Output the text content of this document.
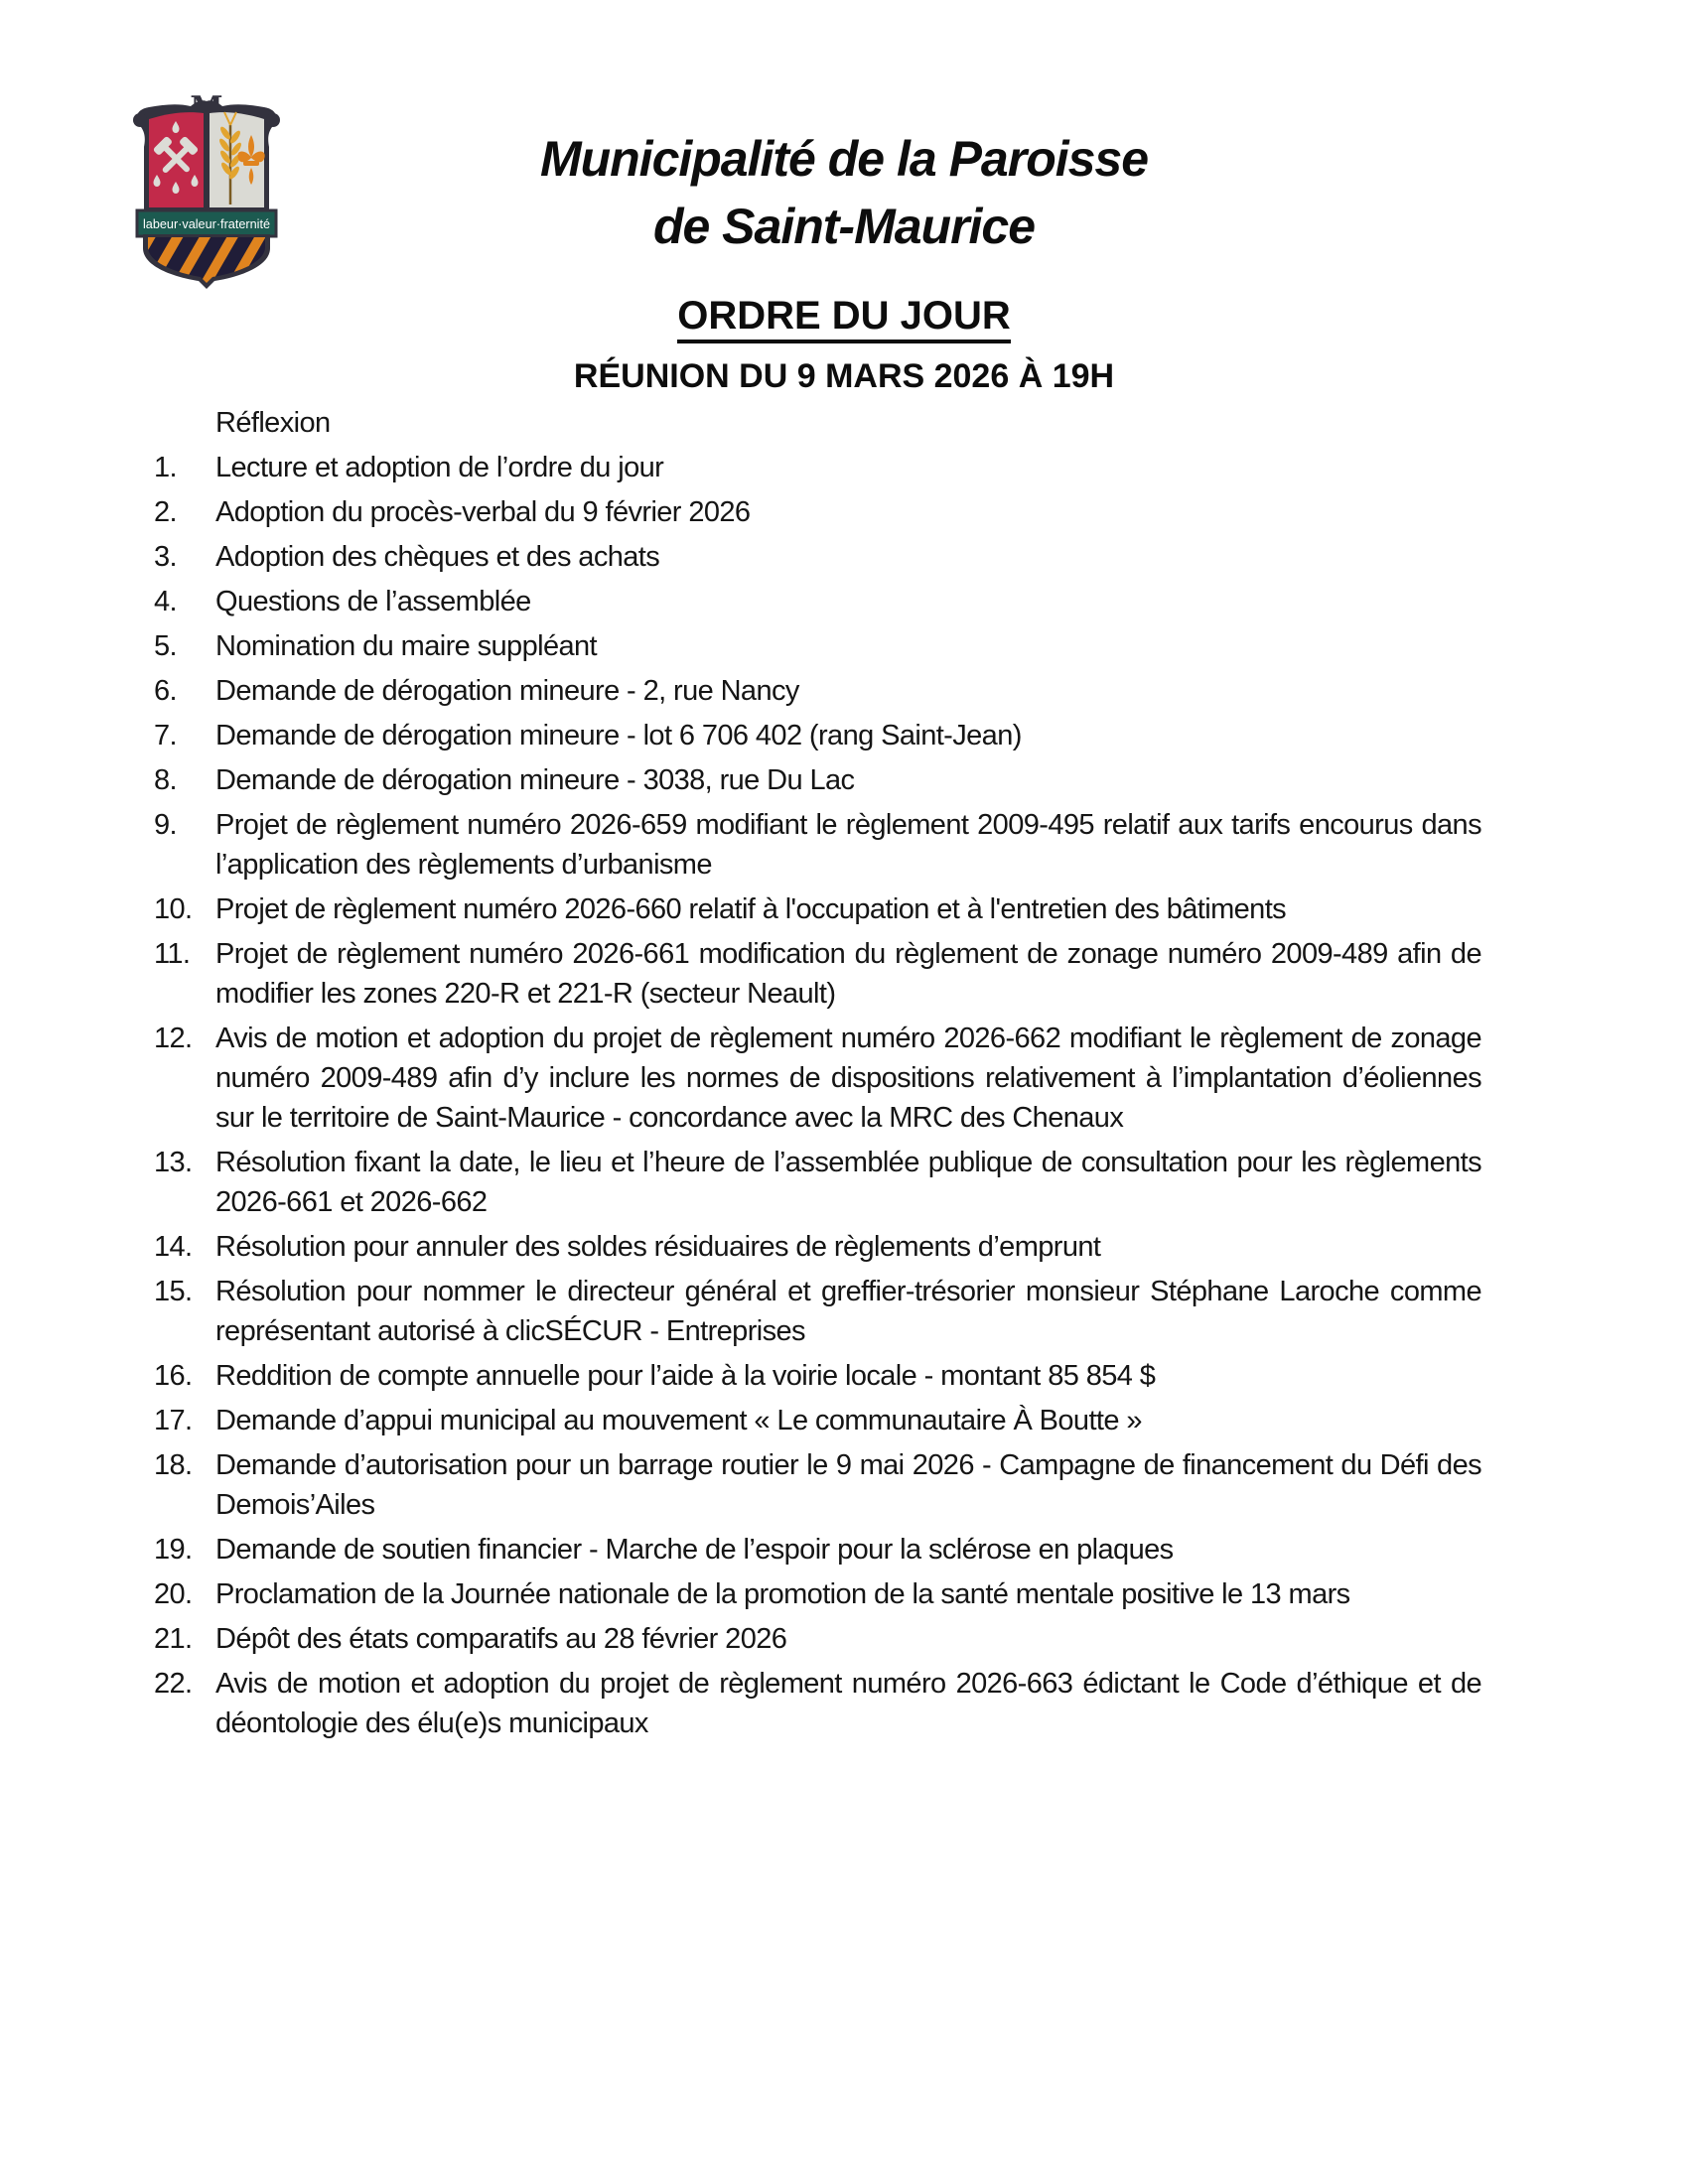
labeur·valeur·fraternité
Municipalité de la Paroisse
de Saint-Maurice
ORDRE DU JOUR
RÉUNION DU 9 MARS 2026 À 19H
Réflexion
1.	Lecture et adoption de l’ordre du jour
2.	Adoption du procès-verbal du 9 février 2026
3.	Adoption des chèques et des achats
4.	Questions de l’assemblée
5.	Nomination du maire suppléant
6.	Demande de dérogation mineure - 2, rue Nancy
7.	Demande de dérogation mineure - lot 6 706 402 (rang Saint-Jean)
8.	Demande de dérogation mineure - 3038, rue Du Lac
9.	Projet de règlement numéro 2026-659 modifiant le règlement 2009-495 relatif aux tarifs encourus dans l’application des règlements d’urbanisme
10. Projet de règlement numéro 2026-660 relatif à l'occupation et à l'entretien des bâtiments
11. Projet de règlement numéro 2026-661 modification du règlement de zonage numéro 2009-489 afin de modifier les zones 220-R et 221-R (secteur Neault)
12. Avis de motion et adoption du projet de règlement numéro 2026-662 modifiant le règlement de zonage numéro 2009-489 afin d’y inclure les normes de dispositions relativement à l’implantation d’éoliennes sur le territoire de Saint-Maurice - concordance avec la MRC des Chenaux
13. Résolution fixant la date, le lieu et l’heure de l’assemblée publique de consultation pour les règlements 2026-661 et 2026-662
14. Résolution pour annuler des soldes résiduaires de règlements d’emprunt
15. Résolution pour nommer le directeur général et greffier-trésorier monsieur Stéphane Laroche comme représentant autorisé à clicSÉCUR - Entreprises
16. Reddition de compte annuelle pour l’aide à la voirie locale - montant 85 854 $
17. Demande d’appui municipal au mouvement « Le communautaire À Boutte »
18. Demande d’autorisation pour un barrage routier le 9 mai 2026 - Campagne de financement du Défi des Demois’Ailes
19. Demande de soutien financier - Marche de l’espoir pour la sclérose en plaques
20. Proclamation de la Journée nationale de la promotion de la santé mentale positive le 13 mars
21. Dépôt des états comparatifs au 28 février 2026
22. Avis de motion et adoption du projet de règlement numéro 2026-663 édictant le Code d’éthique et de déontologie des élu(e)s municipaux
